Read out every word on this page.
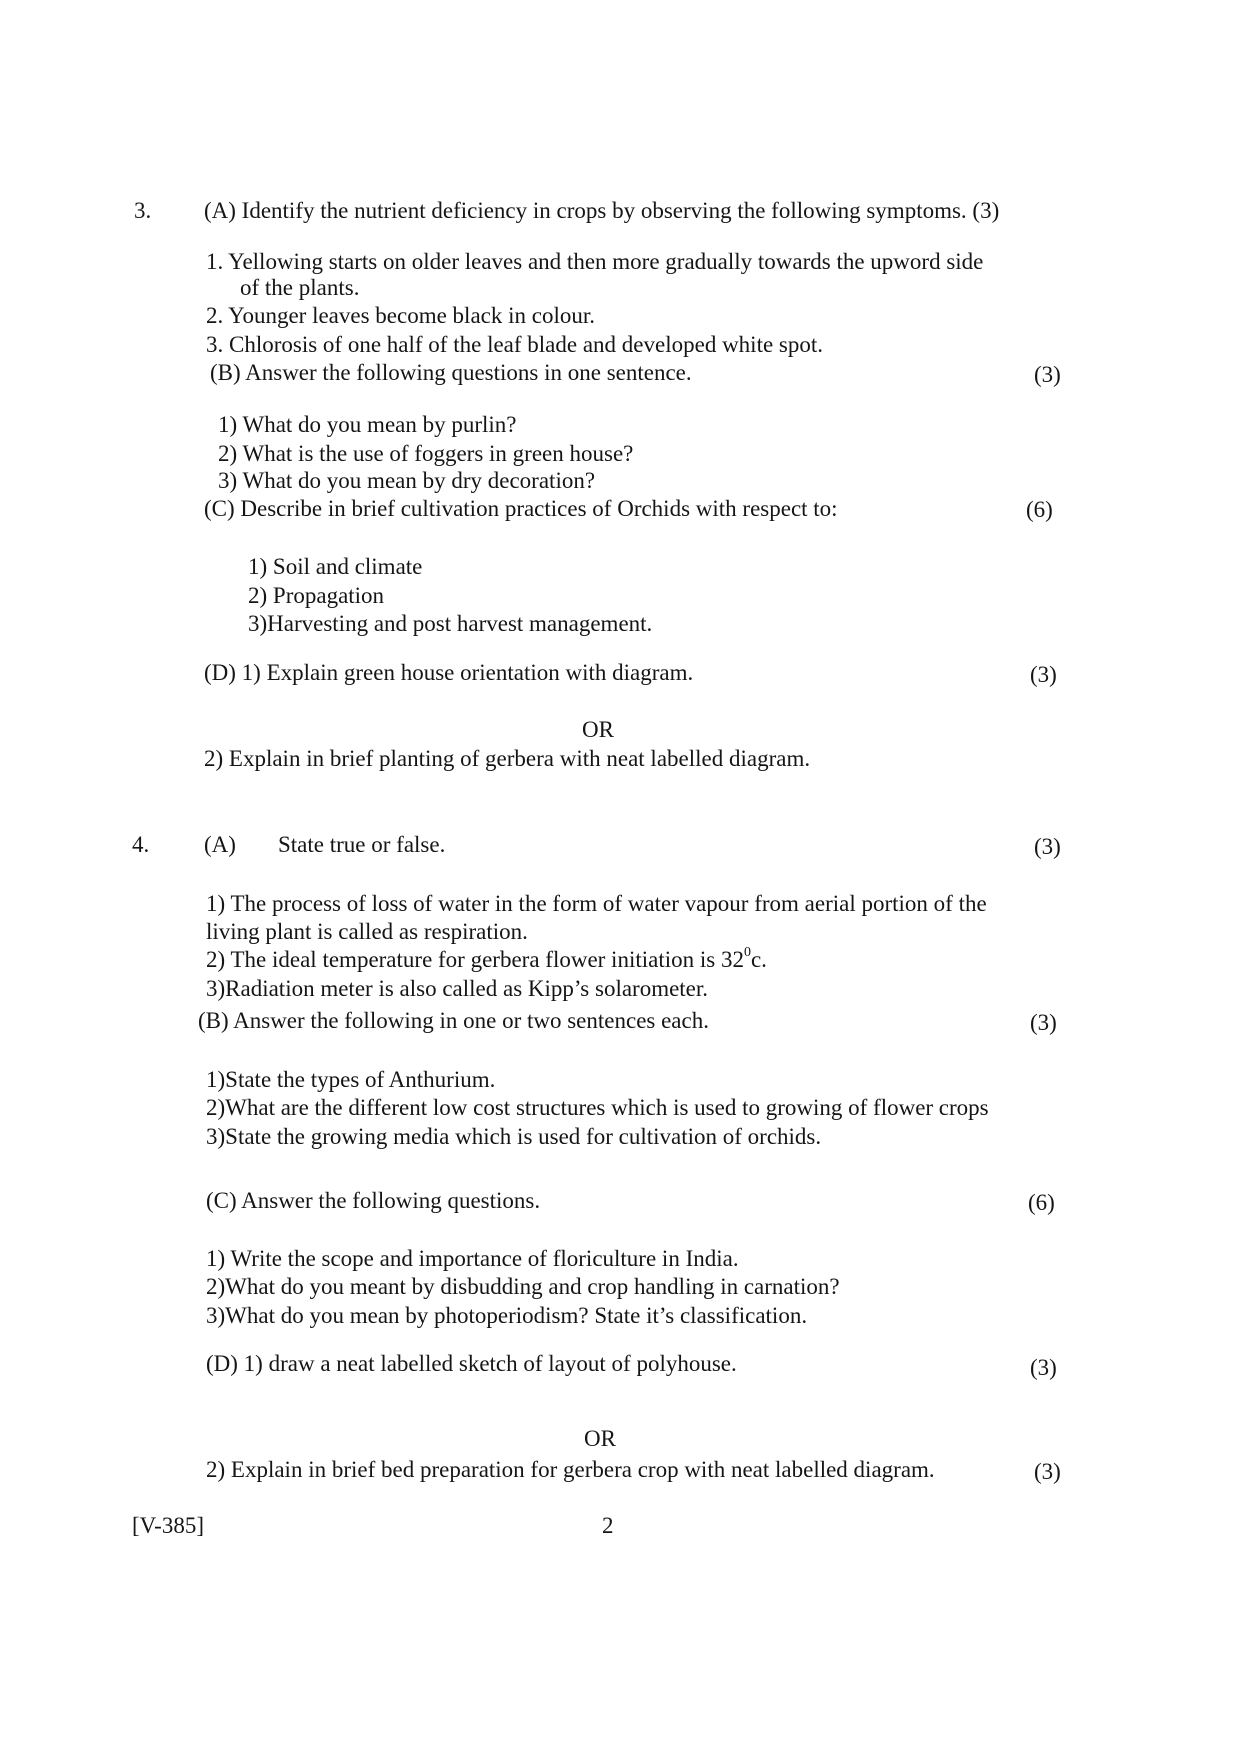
3. (A) Identify the nutrient deficiency in crops by observing the following symptoms. (3)
1. Yellowing starts on older leaves and then more gradually towards the upword side
of the plants.
2. Younger leaves become black in colour.
3. Chlorosis of one half of the leaf blade and developed white spot.
(B) Answer the following questions in one sentence.	(3)
1) What do you mean by purlin?
2) What is the use of foggers in green house?
3) What do you mean by dry decoration?
(C) Describe in brief cultivation practices of Orchids with respect to:	(6)
1) Soil and climate
2) Propagation
3)Harvesting and post harvest management.
(D) 1) Explain green house orientation with diagram.	(3)
OR
2) Explain in brief planting of gerbera with neat labelled diagram.
4. (A) State true or false.	(3)
1) The process of loss of water in the form of water vapour from aerial portion of the
living plant is called as respiration.
2) The ideal temperature for gerbera flower initiation is $32^0c$.
3)Radiation meter is also called as Kipp’s solarometer.
(B) Answer the following in one or two sentences each.	(3)
1)State the types of Anthurium.
2)What are the different low cost structures which is used to growing of flower crops
3)State the growing media which is used for cultivation of orchids.
(C) Answer the following questions.	(6)
1) Write the scope and importance of floriculture in India.
2)What do you meant by disbudding and crop handling in carnation?
3)What do you mean by photoperiodism? State it’s classification.
(D) 1) draw a neat labelled sketch of layout of polyhouse.	(3)
OR
2) Explain in brief bed preparation for gerbera crop with neat labelled diagram.	(3)
[V-385]	2
